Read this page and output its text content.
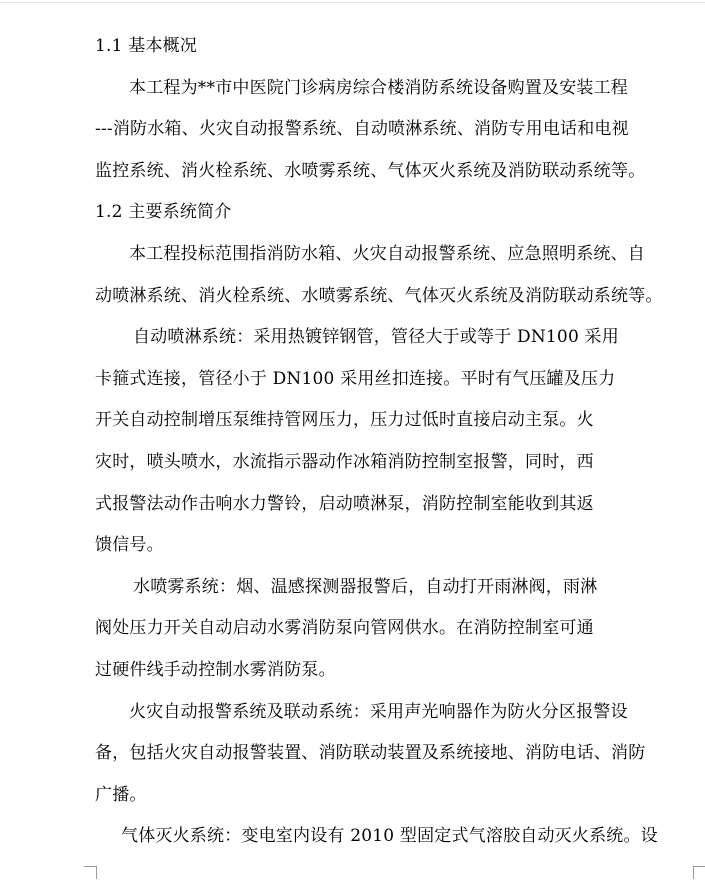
1.1 基本概况
本工程为**市中医院门诊病房综合楼消防系统设备购置及安装工程
---消防水箱、火灾自动报警系统、自动喷淋系统、消防专用电话和电视
监控系统、消火栓系统、水喷雾系统、气体灭火系统及消防联动系统等。
1.2 主要系统简介
本工程投标范围指消防水箱、火灾自动报警系统、应急照明系统、自
动喷淋系统、消火栓系统、水喷雾系统、气体灭火系统及消防联动系统等。
自动喷淋系统：采用热镀锌钢管，管径大于或等于 DN100 采用
卡箍式连接，管径小于 DN100 采用丝扣连接。平时有气压罐及压力
开关自动控制增压泵维持管网压力，压力过低时直接启动主泵。火
灾时，喷头喷水，水流指示器动作冰箱消防控制室报警，同时，西
式报警法动作击响水力警铃，启动喷淋泵，消防控制室能收到其返
馈信号。
水喷雾系统：烟、温感探测器报警后，自动打开雨淋阀，雨淋
阀处压力开关自动启动水雾消防泵向管网供水。在消防控制室可通
过硬件线手动控制水雾消防泵。
火灾自动报警系统及联动系统：采用声光响器作为防火分区报警设
备，包括火灾自动报警装置、消防联动装置及系统接地、消防电话、消防
广播。
气体灭火系统：变电室内设有 2010 型固定式气溶胶自动灭火系统。设
